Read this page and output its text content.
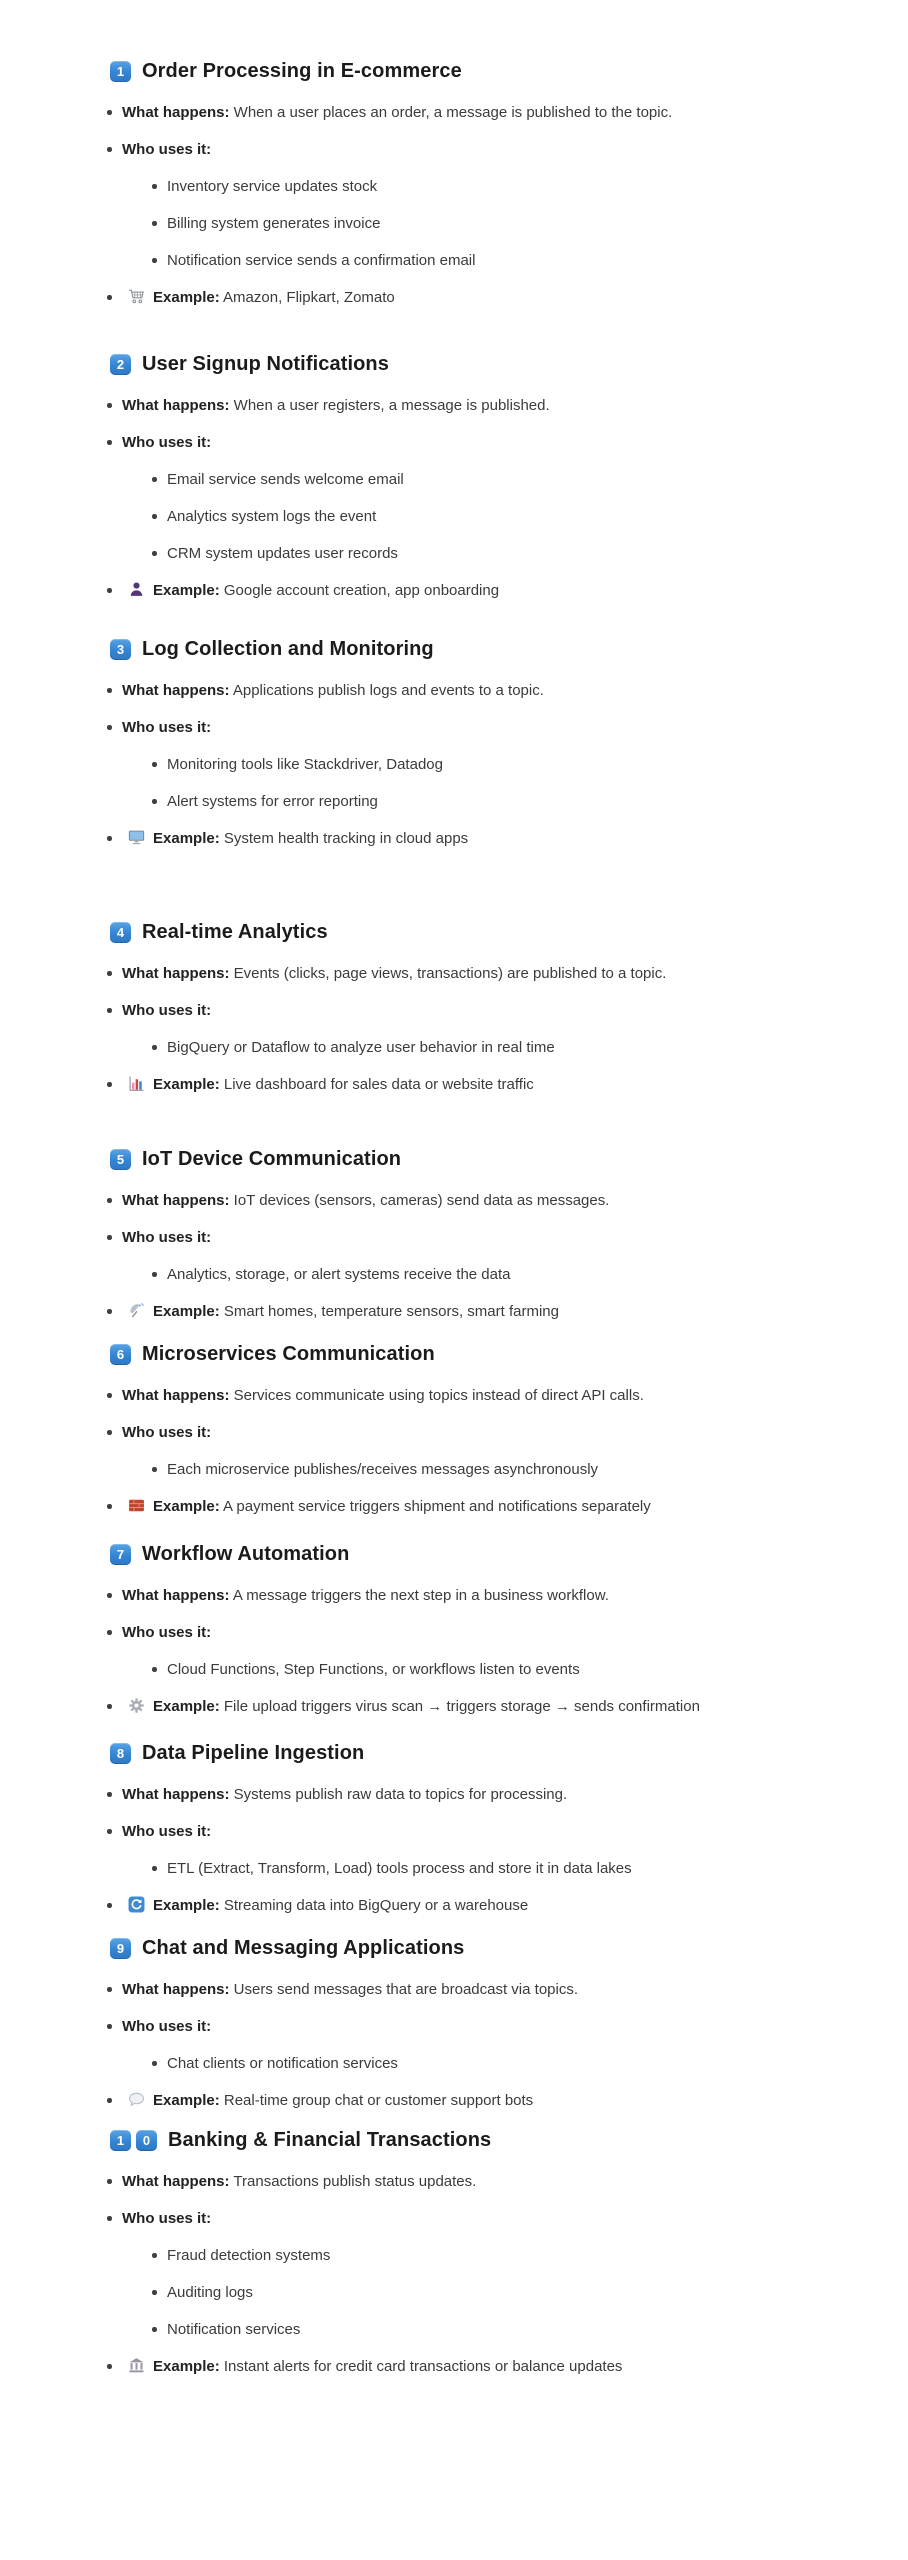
1 Order Processing in E-commerce

What happens: When a user places an order, a message is published to the topic.

Who uses it:

Inventory service updates stock

Billing system generates invoice

Notification service sends a confirmation email

Example: Amazon, Flipkart, Zomato

2 User Signup Notifications

What happens: When a user registers, a message is published.

Who uses it:

Email service sends welcome email

Analytics system logs the event

CRM system updates user records

Example: Google account creation, app onboarding

3 Log Collection and Monitoring

What happens: Applications publish logs and events to a topic.

Who uses it:

Monitoring tools like Stackdriver, Datadog

Alert systems for error reporting

Example: System health tracking in cloud apps

4 Real-time Analytics

What happens: Events (clicks, page views, transactions) are published to a topic.

Who uses it:

BigQuery or Dataflow to analyze user behavior in real time

Example: Live dashboard for sales data or website traffic

5 IoT Device Communication

What happens: IoT devices (sensors, cameras) send data as messages.

Who uses it:

Analytics, storage, or alert systems receive the data

Example: Smart homes, temperature sensors, smart farming

6 Microservices Communication

What happens: Services communicate using topics instead of direct API calls.

Who uses it:

Each microservice publishes/receives messages asynchronously

Example: A payment service triggers shipment and notifications separately

7 Workflow Automation

What happens: A message triggers the next step in a business workflow.

Who uses it:

Cloud Functions, Step Functions, or workflows listen to events

Example: File upload triggers virus scan → triggers storage → sends confirmation

8 Data Pipeline Ingestion

What happens: Systems publish raw data to topics for processing.

Who uses it:

ETL (Extract, Transform, Load) tools process and store it in data lakes

Example: Streaming data into BigQuery or a warehouse

9 Chat and Messaging Applications

What happens: Users send messages that are broadcast via topics.

Who uses it:

Chat clients or notification services

Example: Real-time group chat or customer support bots

1	0 Banking & Financial Transactions

What happens: Transactions publish status updates.

Who uses it:

Fraud detection systems

Auditing logs

Notification services

Example: Instant alerts for credit card transactions or balance updates
